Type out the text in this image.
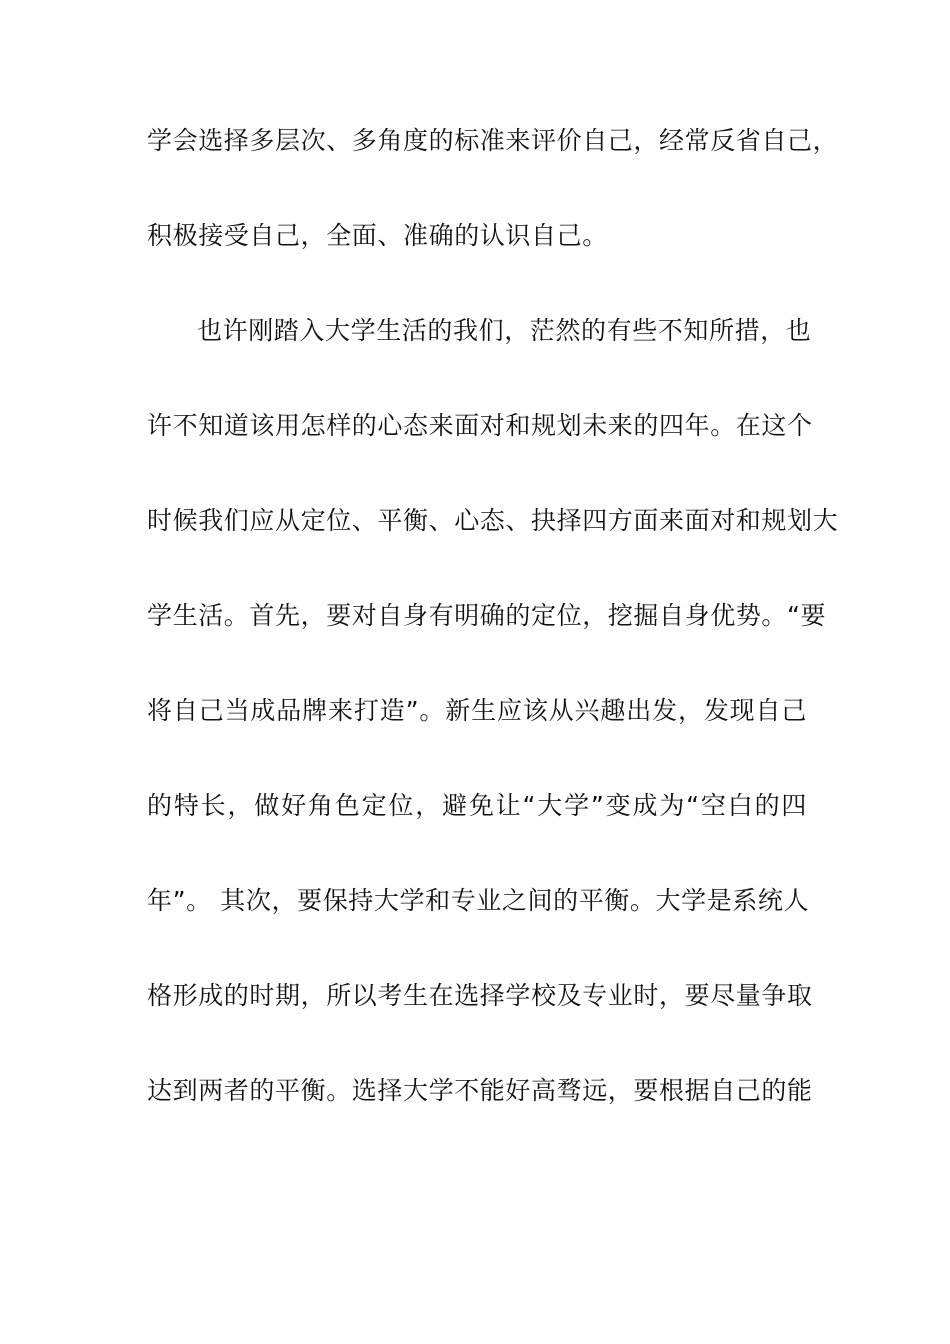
学会选择多层次、多角度的标准来评价自己，经常反省自己，
积极接受自己，全面、准确的认识自己。
也许刚踏入大学生活的我们，茫然的有些不知所措，也
许不知道该用怎样的心态来面对和规划未来的四年。在这个
时候我们应从定位、平衡、心态、抉择四方面来面对和规划大
学生活。首先，要对自身有明确的定位，挖掘自身优势。“要
将自己当成品牌来打造”。新生应该从兴趣出发，发现自己
的特长，做好角色定位，避免让“大学”变成为“空白的四
年”。 其次，要保持大学和专业之间的平衡。大学是系统人
格形成的时期，所以考生在选择学校及专业时，要尽量争取
达到两者的平衡。选择大学不能好高骛远，要根据自己的能
